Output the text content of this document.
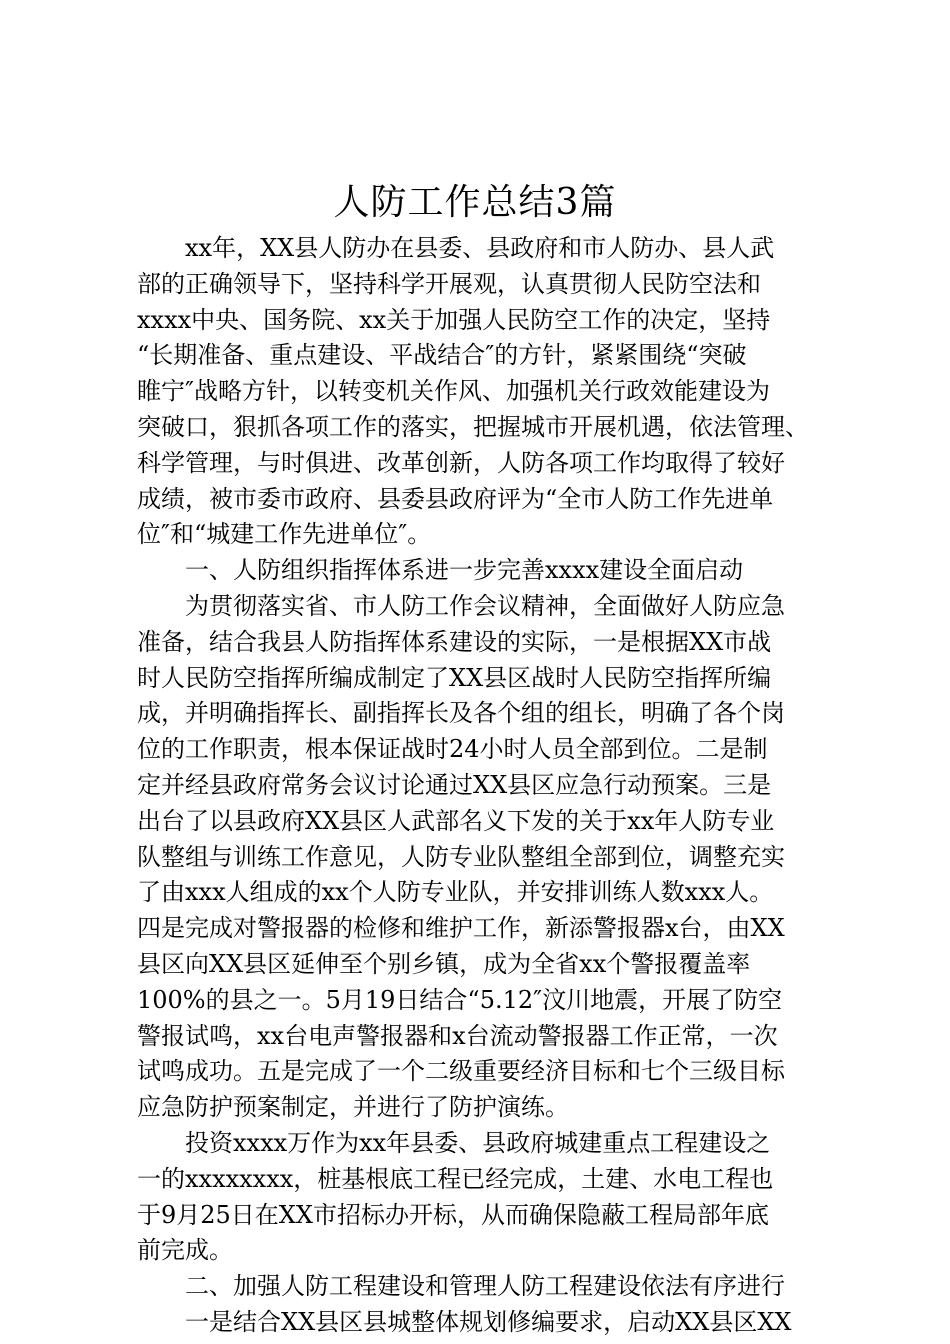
人防工作总结3篇
xx年，XX县人防办在县委、县政府和市人防办、县人武
部的正确领导下，坚持科学开展观，认真贯彻人民防空法和
xxxx中央、国务院、xx关于加强人民防空工作的决定，坚持
“长期准备、重点建设、平战结合″的方针，紧紧围绕“突破
睢宁″战略方针，以转变机关作风、加强机关行政效能建设为
突破口，狠抓各项工作的落实，把握城市开展机遇，依法管理、
科学管理，与时俱进、改革创新，人防各项工作均取得了较好
成绩，被市委市政府、县委县政府评为“全市人防工作先进单
位″和“城建工作先进单位″。
一、人防组织指挥体系进一步完善xxxx建设全面启动
为贯彻落实省、市人防工作会议精神，全面做好人防应急
准备，结合我县人防指挥体系建设的实际，一是根据XX市战
时人民防空指挥所编成制定了XX县区战时人民防空指挥所编
成，并明确指挥长、副指挥长及各个组的组长，明确了各个岗
位的工作职责，根本保证战时24小时人员全部到位。二是制
定并经县政府常务会议讨论通过XX县区应急行动预案。三是
出台了以县政府XX县区人武部名义下发的关于xx年人防专业
队整组与训练工作意见，人防专业队整组全部到位，调整充实
了由xxx人组成的xx个人防专业队，并安排训练人数xxx人。
四是完成对警报器的检修和维护工作，新添警报器x台，由XX
县区向XX县区延伸至个别乡镇，成为全省xx个警报覆盖率
100%的县之一。5月19日结合“5.12″汶川地震，开展了防空
警报试鸣，xx台电声警报器和x台流动警报器工作正常，一次
试鸣成功。五是完成了一个二级重要经济目标和七个三级目标
应急防护预案制定，并进行了防护演练。
投资xxxx万作为xx年县委、县政府城建重点工程建设之
一的xxxxxxxx，桩基根底工程已经完成，土建、水电工程也
于9月25日在XX市招标办开标，从而确保隐蔽工程局部年底
前完成。
二、加强人防工程建设和管理人防工程建设依法有序进行
一是结合XX县区县城整体规划修编要求，启动XX县区XX
